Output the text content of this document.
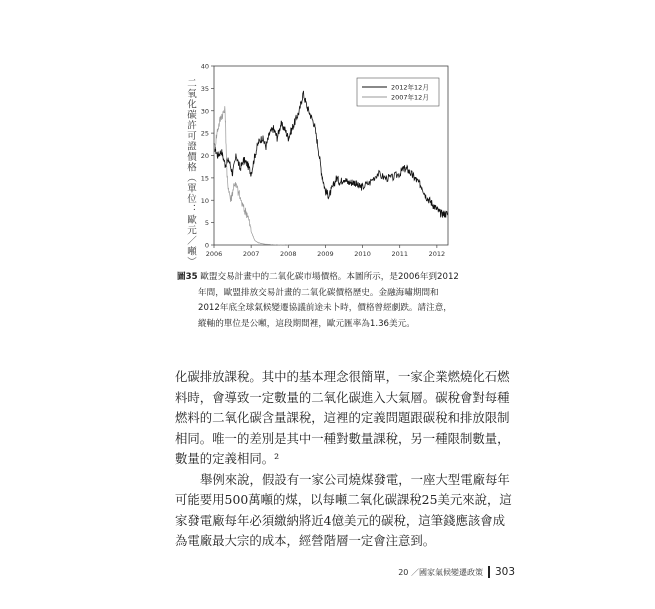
二氧化碳許可證價格（單位：歐元／噸） 0
5
10
15
20
25
30
35
40
2006	2007	2008	2009	2010	2011	2012
2012年12月
2007年12月
圖35 歐盟交易計畫中的二氧化碳市場價格。本圖所示，是2006年到2012
年間，歐盟排放交易計畫的二氧化碳價格歷史。金融海嘯期間和
2012年底全球氣候變遷協議前途未卜時，價格曾經劇跌。請注意，
縱軸的單位是公噸，這段期間裡，歐元匯率為1.36美元。
化碳排放課稅。其中的基本理念很簡單，一家企業燃燒化石燃
料時，會導致一定數量的二氧化碳進入大氣層。碳稅會對每種
燃料的二氧化碳含量課稅，這裡的定義問題跟碳稅和排放限制
相同。唯一的差別是其中一種對數量課稅，另一種限制數量，
數量的定義相同。²
舉例來說，假設有一家公司燒煤發電，一座大型電廠每年
可能要用500萬噸的煤，以每噸二氧化碳課稅25美元來說，這
家發電廠每年必須繳納將近4億美元的碳稅，這筆錢應該會成
為電廠最大宗的成本，經營階層一定會注意到。
20 ／國家氣候變遷政策 303
